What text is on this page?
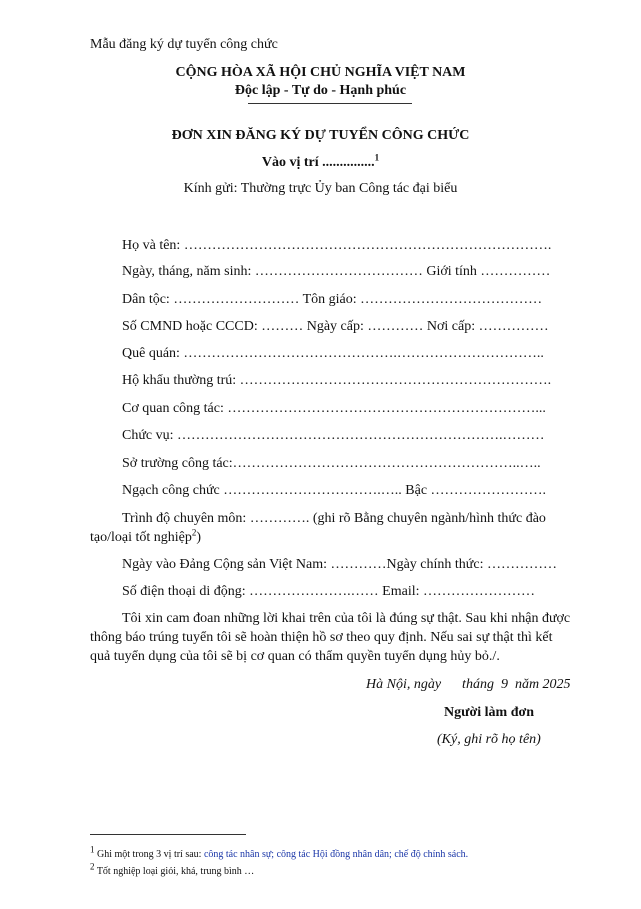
Mẫu đăng ký dự tuyển công chức
CỘNG HÒA XÃ HỘI CHỦ NGHĨA VIỆT NAM
Độc lập - Tự do - Hạnh phúc
ĐƠN XIN ĐĂNG KÝ DỰ TUYỂN CÔNG CHỨC
Vào vị trí ...............$^1$
Kính gửi: Thường trực Ủy ban Công tác đại biểu
Họ và tên: …………………………………………………………………….
Ngày, tháng, năm sinh: ……………………………… Giới tính ……………
Dân tộc: ……………………… Tôn giáo: …………………………………
Số CMND hoặc CCCD: ……… Ngày cấp: ………… Nơi cấp: ……………
Quê quán: ……………………………………….…………………………..
Hộ khẩu thường trú: ………………………………………………………….
Cơ quan công tác: …………………………………………………………...
Chức vụ: …………………………………………………………….………
Sở trường công tác:……………………………………………………..…..
Ngạch công chức …………………………….….. Bậc …………………….
Trình độ chuyên môn: …………. (ghi rõ Bằng chuyên ngành/hình thức đào
tạo/loại tốt nghiệp$^2$)
Ngày vào Đảng Cộng sản Việt Nam: …………Ngày chính thức: ……………
Số điện thoại di động: ………………….…… Email: ……………………
Tôi xin cam đoan những lời khai trên của tôi là đúng sự thật. Sau khi nhận được
thông báo trúng tuyển tôi sẽ hoàn thiện hồ sơ theo quy định. Nếu sai sự thật thì kết
quả tuyển dụng của tôi sẽ bị cơ quan có thẩm quyền tuyển dụng hủy bỏ./.
Hà Nội, ngày      tháng  9  năm 2025
Người làm đơn
(Ký, ghi rõ họ tên)
$^1$ Ghi một trong 3 vị trí sau: công tác nhân sự; công tác Hội đồng nhân dân; chế độ chính sách.
$^2$ Tốt nghiệp loại giỏi, khá, trung bình …
